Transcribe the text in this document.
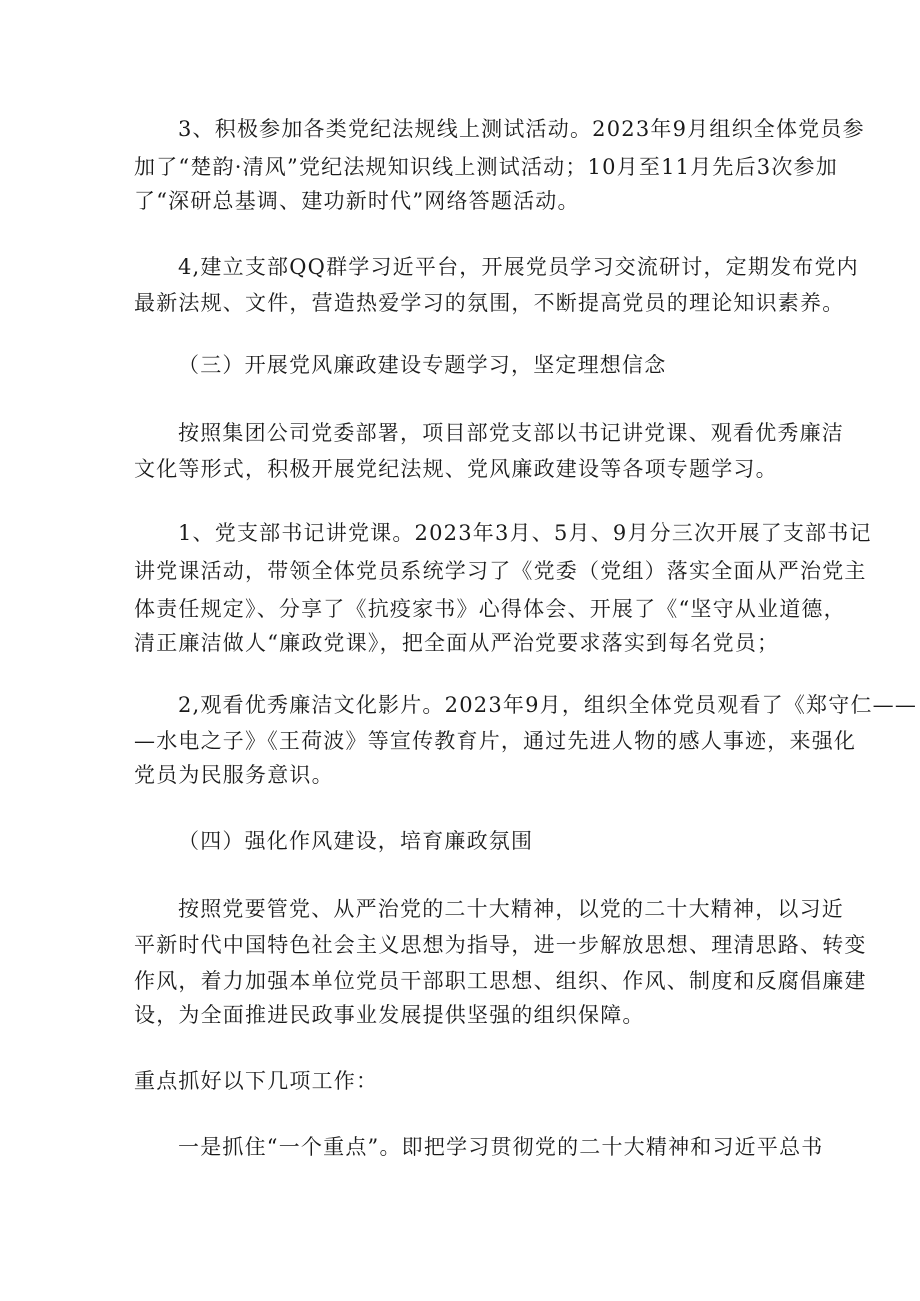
3、积极参加各类党纪法规线上测试活动。2023年9月组织全体党员参
加了“楚韵·清风”党纪法规知识线上测试活动；10月至11月先后3次参加
了“深研总基调、建功新时代”网络答题活动。
4,建立支部QQ群学习近平台，开展党员学习交流研讨，定期发布党内
最新法规、文件，营造热爱学习的氛围，不断提高党员的理论知识素养。
（三）开展党风廉政建设专题学习，坚定理想信念
按照集团公司党委部署，项目部党支部以书记讲党课、观看优秀廉洁
文化等形式，积极开展党纪法规、党风廉政建设等各项专题学习。
1、党支部书记讲党课。2023年3月、5月、9月分三次开展了支部书记
讲党课活动，带领全体党员系统学习了《党委（党组）落实全面从严治党主
体责任规定》、分享了《抗疫家书》心得体会、开展了《“坚守从业道德，
清正廉洁做人“廉政党课》，把全面从严治党要求落实到每名党员；
2,观看优秀廉洁文化影片。2023年9月，组织全体党员观看了《郑守仁——
—水电之子》《王荷波》等宣传教育片，通过先进人物的感人事迹，来强化
党员为民服务意识。
（四）强化作风建设，培育廉政氛围
按照党要管党、从严治党的二十大精神，以党的二十大精神，以习近
平新时代中国特色社会主义思想为指导，进一步解放思想、理清思路、转变
作风，着力加强本单位党员干部职工思想、组织、作风、制度和反腐倡廉建
设，为全面推进民政事业发展提供坚强的组织保障。
重点抓好以下几项工作：
一是抓住“一个重点”。即把学习贯彻党的二十大精神和习近平总书
